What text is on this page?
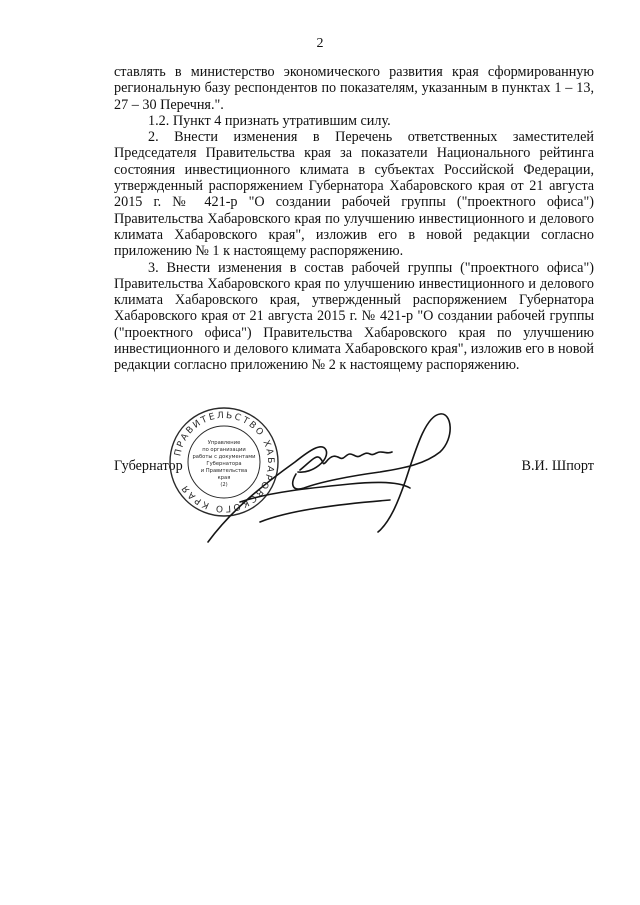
2

ставлять в министерство экономического развития края сформированную региональную базу респондентов по показателям, указанным в пунктах 1 – 13, 27 – 30 Перечня.".

1.2. Пункт 4 признать утратившим силу.

2. Внести изменения в Перечень ответственных заместителей Председателя Правительства края за показатели Национального рейтинга состояния инвестиционного климата в субъектах Российской Федерации, утвержденный распоряжением Губернатора Хабаровского края от 21 августа 2015 г. № 421-р "О создании рабочей группы ("проектного офиса") Правительства Хабаровского края по улучшению инвестиционного и делового климата Хабаровского края", изложив его в новой редакции согласно приложению № 1 к настоящему распоряжению.

3. Внести изменения в состав рабочей группы ("проектного офиса") Правительства Хабаровского края по улучшению инвестиционного и делового климата Хабаровского края, утвержденный распоряжением Губернатора Хабаровского края от 21 августа 2015 г. № 421-р "О создании рабочей группы ("проектного офиса") Правительства Хабаровского края по улучшению инвестиционного и делового климата Хабаровского края", изложив его в новой редакции согласно приложению № 2 к настоящему распоряжению.

Губернатор	В.И. Шпорт
ПРАВИТЕЛЬСТВО ХАБАРОВСКОГО КРАЯ
Управление
по организации
работы с документами
Губернатора
и Правительства
края
(2)
